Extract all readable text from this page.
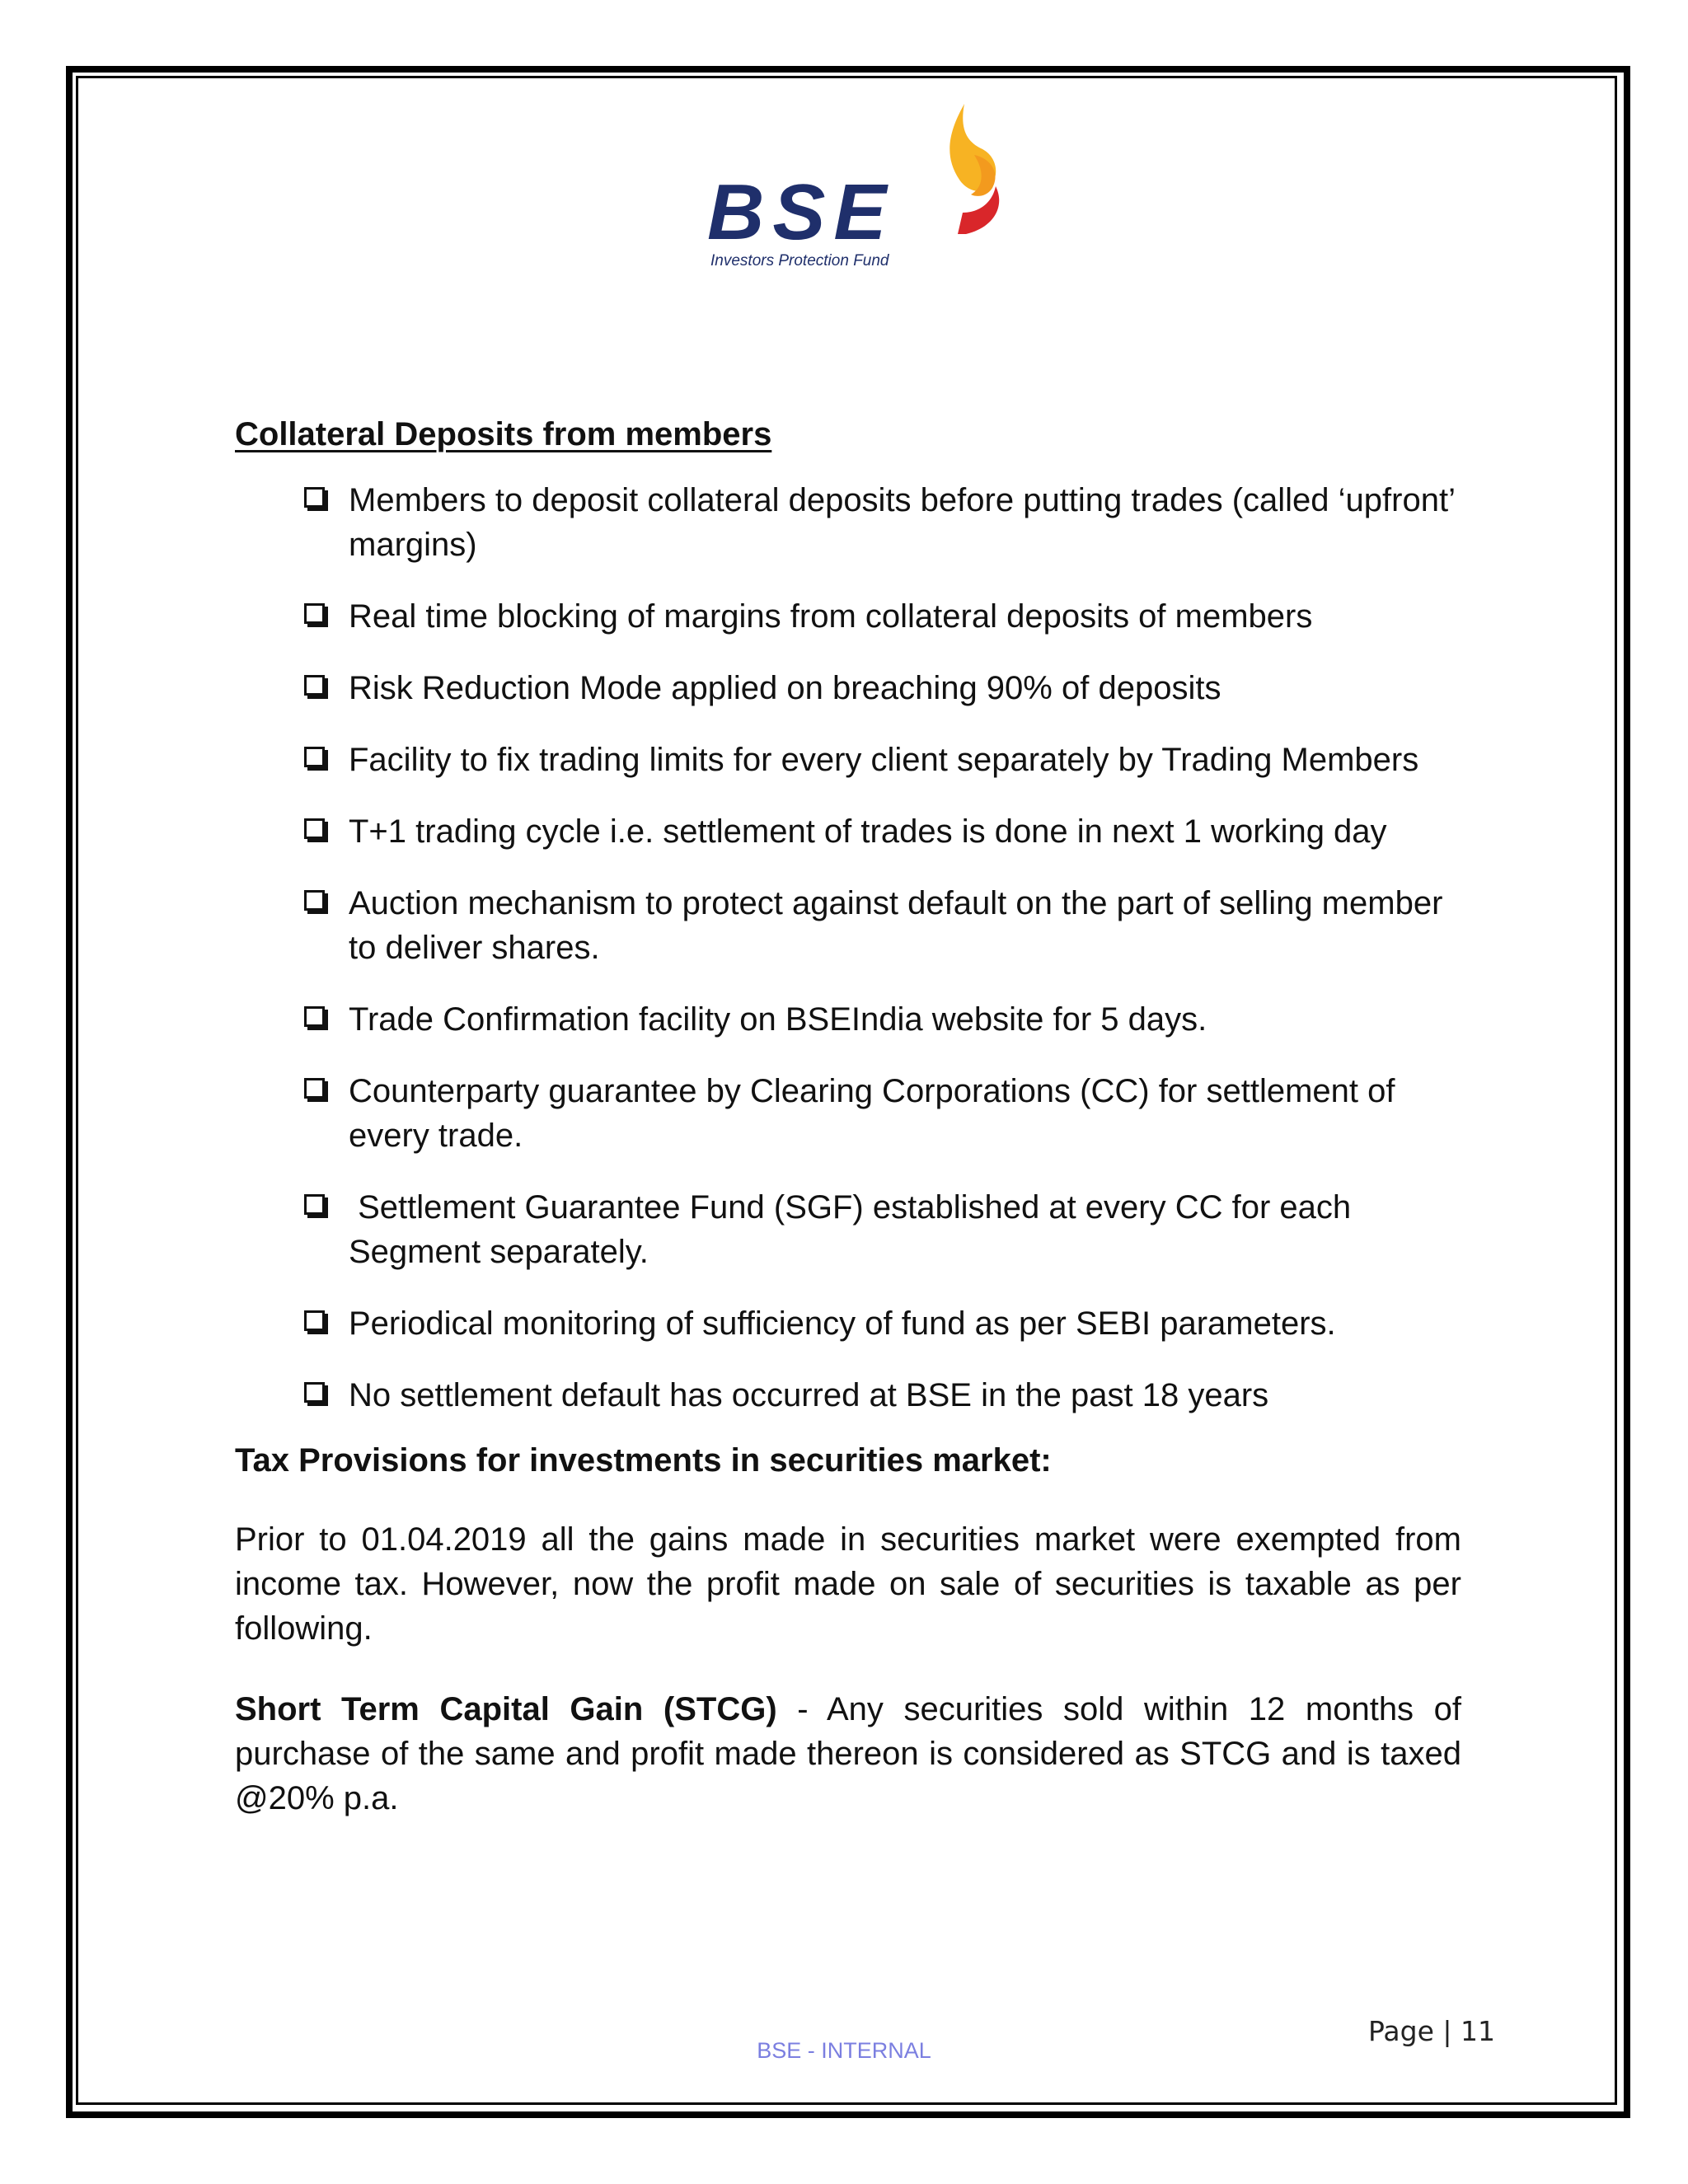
BSE
Investors Protection Fund
Collateral Deposits from members
Members to deposit collateral deposits before putting trades (called ‘upfront’ margins)
Real time blocking of margins from collateral deposits of members
Risk Reduction Mode applied on breaching 90% of deposits
Facility to fix trading limits for every client separately by Trading Members
T+1 trading cycle i.e. settlement of trades is done in next 1 working day
Auction mechanism to protect against default on the part of selling member to deliver shares.
Trade Confirmation facility on BSEIndia website for 5 days.
Counterparty guarantee by Clearing Corporations (CC) for settlement of every trade.
Settlement Guarantee Fund (SGF) established at every CC for each Segment separately.
Periodical monitoring of sufficiency of fund as per SEBI parameters.
No settlement default has occurred at BSE in the past 18 years
Tax Provisions for investments in securities market:

Prior to 01.04.2019 all the gains made in securities market were exempted from income tax. However, now the profit made on sale of securities is taxable as per following.

Short Term Capital Gain (STCG) - Any securities sold within 12 months of purchase of the same and profit made thereon is considered as STCG and is taxed @20% p.a.

BSE - INTERNAL
Page | 11
